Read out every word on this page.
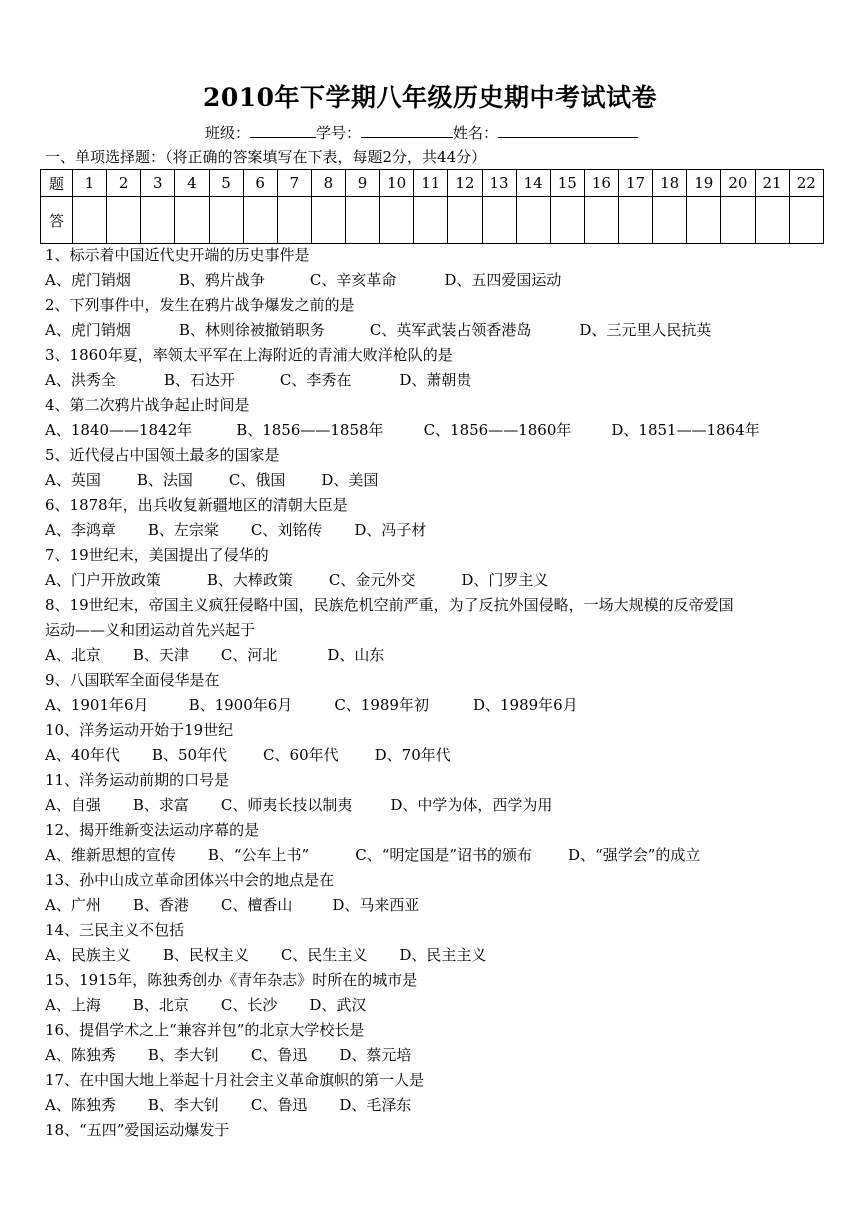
2010年下学期八年级历史期中考试试卷
班级：	学号：	姓名：
一、单项选择题：（将正确的答案填写在下表，每题2分，共44分）
题	1	2	3	4	5	6	7	8	9	10	11	12	13	14	15	16	17	18	19	20	21	22
答																						
1、标示着中国近代史开端的历史事件是
A、虎门销烟	B、鸦片战争	C、辛亥革命	D、五四爱国运动
2、下列事件中，发生在鸦片战争爆发之前的是
A、虎门销烟	B、林则徐被撤销职务	C、英军武装占领香港岛	D、三元里人民抗英
3、1860年夏，率领太平军在上海附近的青浦大败洋枪队的是
A、洪秀全	B、石达开	C、李秀在	D、萧朝贵
4、第二次鸦片战争起止时间是
A、1840——1842年	B、1856——1858年	C、1856——1860年	D、1851——1864年
5、近代侵占中国领土最多的国家是
A、英国 B、法国 C、俄国 D、美国
6、1878年，出兵收复新疆地区的清朝大臣是
A、李鸿章 B、左宗棠 C、刘铭传 D、冯子材
7、19世纪末，美国提出了侵华的
A、门户开放政策	B、大棒政策 C、金元外交	D、门罗主义
8、19世纪末，帝国主义疯狂侵略中国，民族危机空前严重，为了反抗外国侵略，一场大规模的反帝爱国
运动——义和团运动首先兴起于
A、北京 B、天津 C、河北	D、山东
9、八国联军全面侵华是在
A、1901年6月	B、1900年6月	C、1989年初	D、1989年6月
10、洋务运动开始于19世纪
A、40年代 B、50年代 C、60年代 D、70年代
11、洋务运动前期的口号是
A、自强 B、求富 C、师夷长技以制夷	D、中学为体，西学为用
12、揭开维新变法运动序幕的是
A、维新思想的宣传 B、“公车上书”	C、“明定国是”诏书的颁布 D、“强学会”的成立
13、孙中山成立革命团体兴中会的地点是在
A、广州 B、香港 C、檀香山	D、马来西亚
14、三民主义不包括
A、民族主义 B、民权主义 C、民生主义 D、民主主义
15、1915年，陈独秀创办《青年杂志》时所在的城市是
A、上海 B、北京 C、长沙 D、武汉
16、提倡学术之上“兼容并包”的北京大学校长是
A、陈独秀 B、李大钊 C、鲁迅 D、蔡元培
17、在中国大地上举起十月社会主义革命旗帜的第一人是
A、陈独秀 B、李大钊 C、鲁迅 D、毛泽东
18、“五四”爱国运动爆发于
